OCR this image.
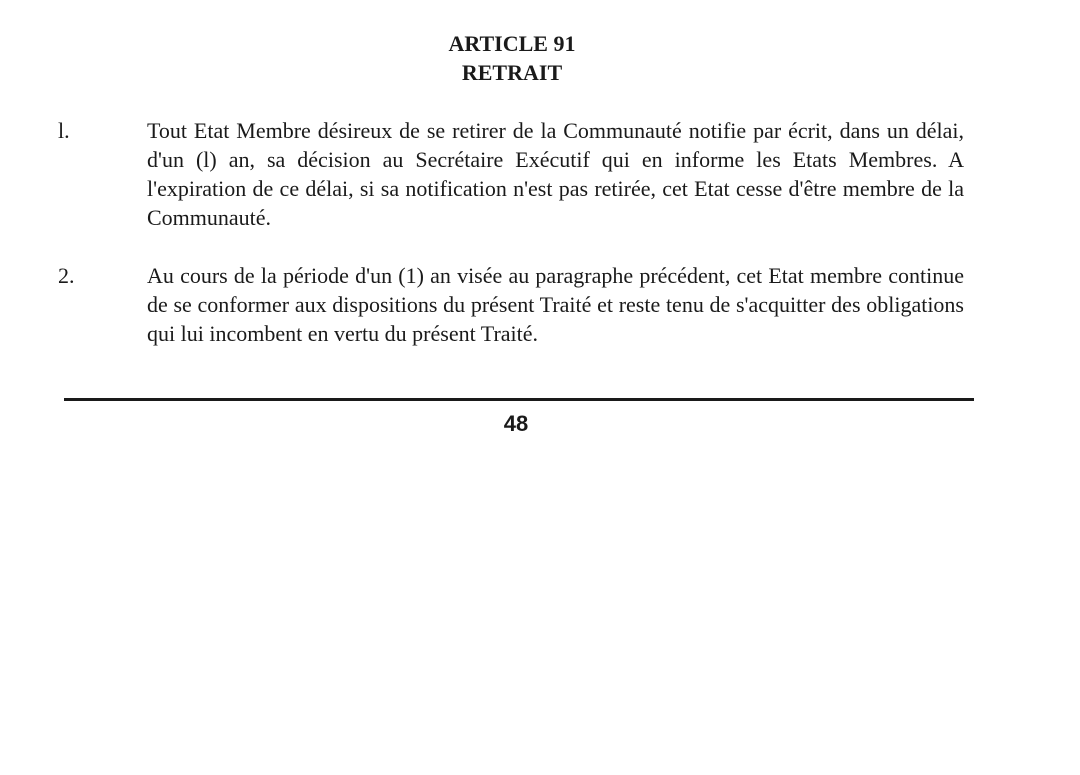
ARTICLE 91
RETRAIT
l.	Tout Etat Membre désireux de se retirer de la Communauté notifie par écrit, dans un délai, d'un (l) an, sa décision au Secrétaire Exécutif qui en informe les Etats Membres. A l'expiration de ce délai, si sa notification n'est pas retirée, cet Etat cesse d'être membre de la Communauté.

2.	Au cours de la période d'un (1) an visée au paragraphe précédent, cet Etat membre continue de se conformer aux dispositions du présent Traité et reste tenu de s'acquitter des obligations qui lui incombent en vertu du présent Traité.

48
